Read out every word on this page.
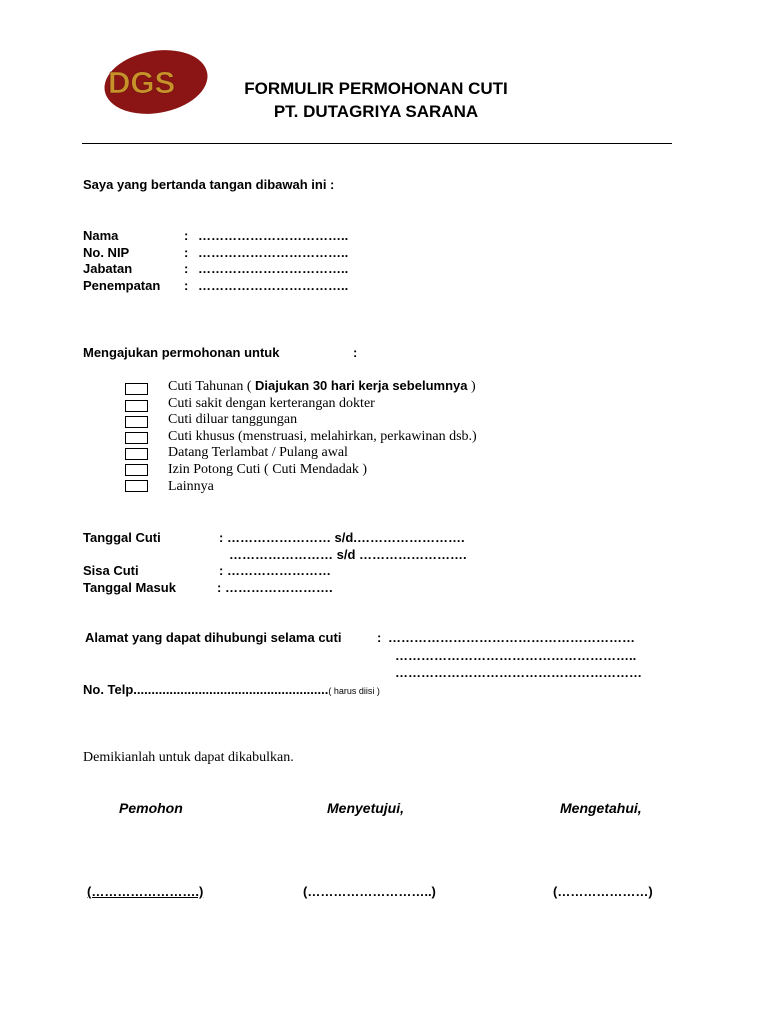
DGS	FORMULIR PERMOHONAN CUTI
PT. DUTAGRIYA SARANA
Saya yang bertanda tangan dibawah ini :
Nama	: ……………………………..
No. NIP	: ……………………………..
Jabatan	: ……………………………..
Penempatan : ……………………………..
Mengajukan permohonan untuk	:
Cuti Tahunan ( Diajukan 30 hari kerja sebelumnya )
Cuti sakit dengan kerterangan dokter
Cuti diluar tanggungan
Cuti khusus (menstruasi, melahirkan, perkawinan dsb.)
Datang Terlambat / Pulang awal
Izin Potong Cuti ( Cuti Mendadak )
Lainnya
Tanggal Cuti	: …………………… s/d.…………………….
…………………… s/d …………………….
Sisa Cuti	: ……………………
Tanggal Masuk	: …………………….
Alamat yang dapat dihubungi selama cuti	: …………………………………………………
………………………………………………..
…………………………………………………
No. Telp......................................................( harus diisi )
Demikianlah untuk dapat dikabulkan.
Pemohon	Menyetujui,	Mengetahui,
(…………………….)	(………………………..)	(…………………)
